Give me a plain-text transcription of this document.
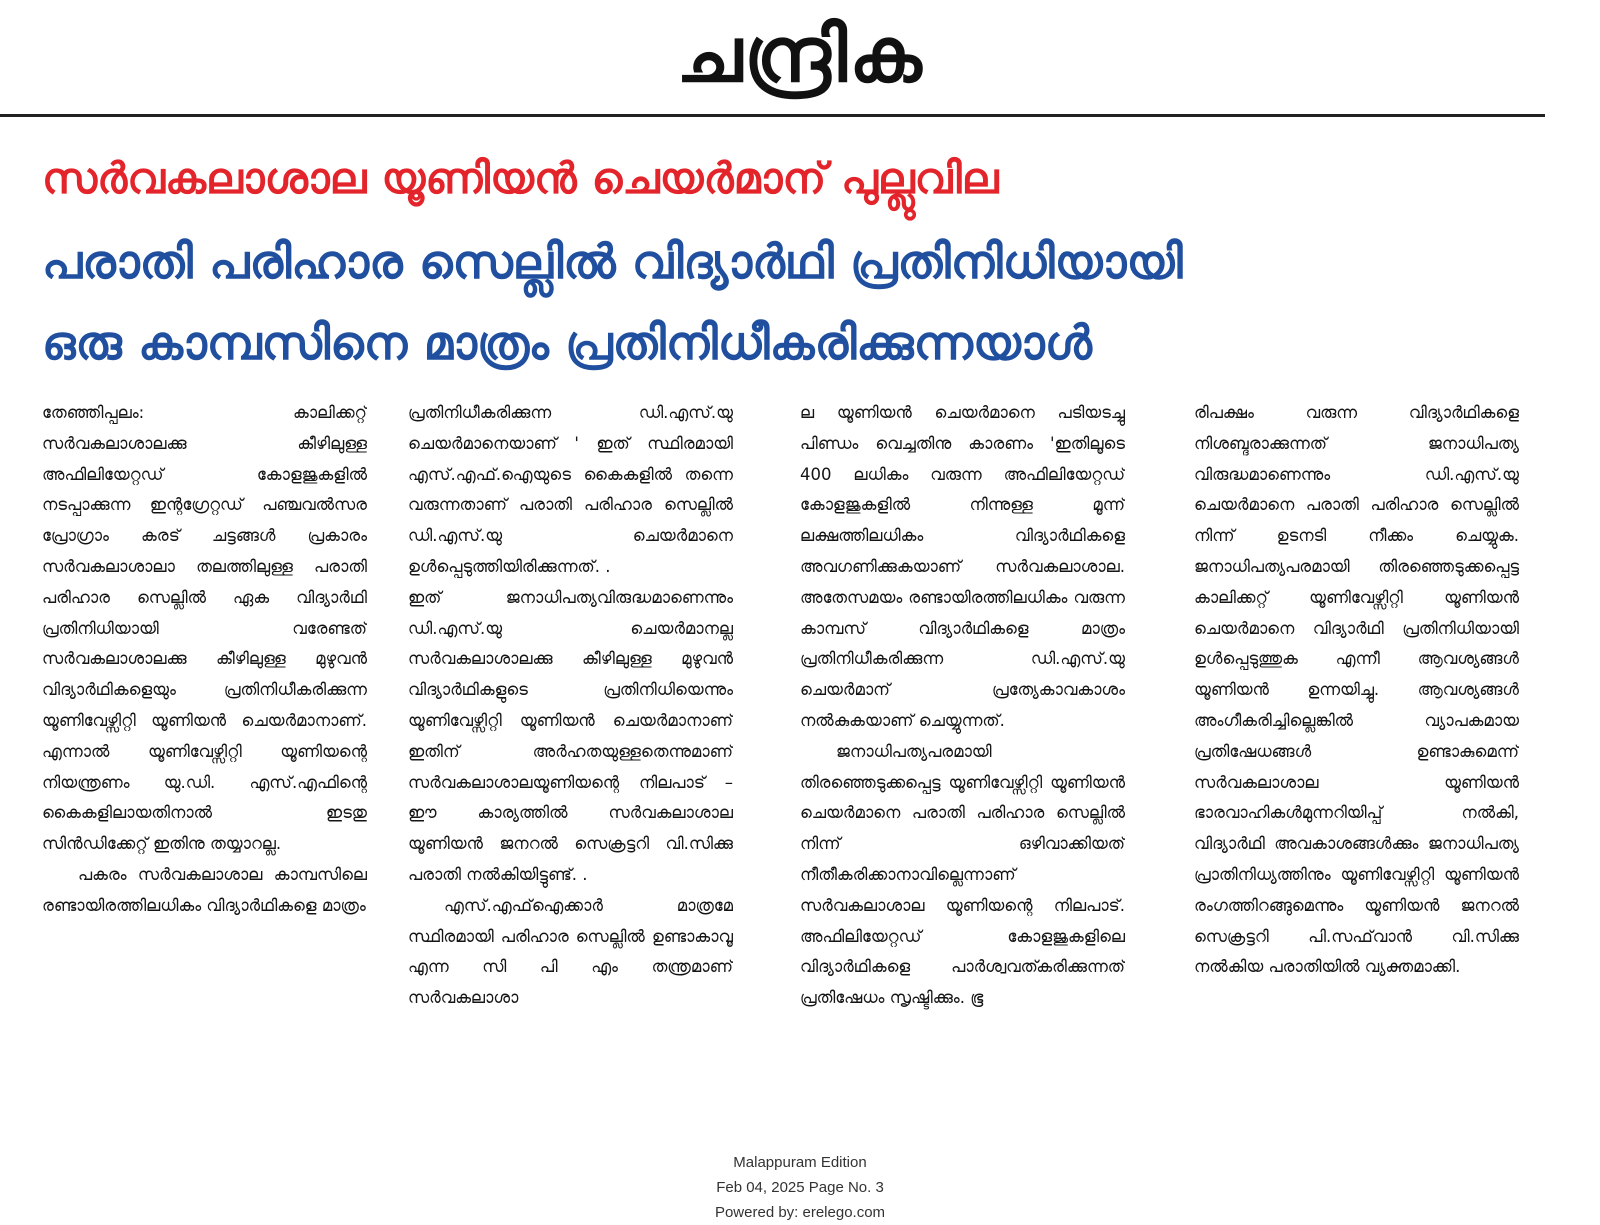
ചന്ദ്രിക
സർവകലാശാല യൂണിയൻ ചെയർമാന് പുല്ലുവില
പരാതി പരിഹാര സെല്ലിൽ വിദ്യാർഥി പ്രതിനിധിയായി
ഒരു കാമ്പസിനെ മാത്രം പ്രതിനിധീകരിക്കുന്നയാൾ

തേഞ്ഞിപ്പലം: കാലിക്കറ്റ് സർവകലാശാലക്കു കീഴിലുള്ള അഫിലിയേറ്റഡ് കോളജുകളിൽ നടപ്പാക്കുന്ന ഇന്റഗ്രേറ്റഡ് പഞ്ചവൽസര പ്രോഗ്രാം കരട് ചട്ടങ്ങൾ പ്രകാരം സർവകലാശാലാ തലത്തിലുള്ള പരാതി പരിഹാര സെല്ലിൽ ഏക വിദ്യാർഥി പ്രതിനിധിയായി വരേണ്ടത് സർവകലാശാലക്കു കീഴിലുള്ള മുഴുവൻ വിദ്യാർഥികളെയും പ്രതിനിധീകരിക്കുന്ന യൂണിവേഴ്സിറ്റി യൂണിയൻ ചെയർമാനാണ്. എന്നാൽ യൂണിവേഴ്സിറ്റി യൂണിയന്റെ നിയന്ത്രണം യു.ഡി. എസ്.എഫിന്റെ കൈകളിലായതിനാൽ ഇടതു സിൻഡിക്കേറ്റ് ഇതിനു തയ്യാറല്ല.

പകരം സർവകലാശാല കാമ്പസിലെ രണ്ടായിരത്തിലധികം വിദ്യാർഥികളെ മാത്രം

പ്രതിനിധീകരിക്കുന്ന ഡി.എസ്.യു ചെയർമാനെയാണ് ' ഇത് സ്ഥിരമായി എസ്.എഫ്.ഐയുടെ കൈകളിൽ തന്നെ വരുന്നതാണ് പരാതി പരിഹാര സെല്ലിൽ ഡി.എസ്.യു ചെയർമാനെ ഉൾപ്പെടുത്തിയിരിക്കുന്നത്. .

ഇത് ജനാധിപത്യവിരുദ്ധമാണെന്നും ഡി.എസ്.യു ചെയർമാനല്ല സർവകലാശാലക്കു കീഴിലുള്ള മുഴുവൻ വിദ്യാർഥികളുടെ പ്രതിനിധിയെന്നും യൂണിവേഴ്സിറ്റി യൂണിയൻ ചെയർമാനാണ് ഇതിന് അർഹതയുള്ളതെന്നുമാണ് സർവകലാശാലയൂണിയന്റെ നിലപാട് – ഈ കാര്യത്തിൽ സർവകലാശാല യൂണിയൻ ജനറൽ സെക്രട്ടറി വി.സിക്കു പരാതി നൽകിയിട്ടുണ്ട്. .

എസ്.എഫ്ഐക്കാർ മാത്രമേ സ്ഥിരമായി പരിഹാര സെല്ലിൽ ഉണ്ടാകാവൂ എന്ന സി പി എം തന്ത്രമാണ് സർവകലാശാ

ല യൂണിയൻ ചെയർമാനെ പടിയടച്ചു പിണ്ഡം വെച്ചതിനു കാരണം 'ഇതിലൂടെ 400 ലധികം വരുന്ന അഫിലിയേറ്റഡ് കോളജുകളിൽ നിന്നുള്ള മൂന്ന് ലക്ഷത്തിലധികം വിദ്യാർഥികളെ അവഗണിക്കുകയാണ് സർവകലാശാല. അതേസമയം രണ്ടായിരത്തിലധികം വരുന്ന കാമ്പസ് വിദ്യാർഥികളെ മാത്രം പ്രതിനിധീകരിക്കുന്ന ഡി.എസ്.യു ചെയർമാന് പ്രത്യേകാവകാശം നൽകുകയാണ് ചെയ്യുന്നത്.

ജനാധിപത്യപരമായി തിരഞ്ഞെടുക്കപ്പെട്ട യൂണിവേഴ്സിറ്റി യൂണിയൻ ചെയർമാനെ പരാതി പരിഹാര സെല്ലിൽ നിന്ന് ഒഴിവാക്കിയത് നീതീകരിക്കാനാവില്ലെന്നാണ് സർവകലാശാല യൂണിയന്റെ നിലപാട്. അഫിലിയേറ്റഡ് കോളജുകളിലെ വിദ്യാർഥികളെ പാർശ്വവത്കരിക്കുന്നത് പ്രതിഷേധം സൃഷ്ടിക്കും. ഭൂ

രിപക്ഷം വരുന്ന വിദ്യാർഥികളെ നിശബ്ദരാക്കുന്നത് ജനാധിപത്യ വിരുദ്ധമാണെന്നും ഡി.എസ്.യു ചെയർമാനെ പരാതി പരിഹാര സെല്ലിൽ നിന്ന് ഉടനടി നീക്കം ചെയ്യുക. ജനാധിപത്യപരമായി തിരഞ്ഞെടുക്കപ്പെട്ട കാലിക്കറ്റ് യൂണിവേഴ്സിറ്റി യൂണിയൻ ചെയർമാനെ വിദ്യാർഥി പ്രതിനിധിയായി ഉൾപ്പെടുത്തുക എന്നീ ആവശ്യങ്ങൾ യൂണിയൻ ഉന്നയിച്ചു. ആവശ്യങ്ങൾ അംഗീകരിച്ചില്ലെങ്കിൽ വ്യാപകമായ പ്രതിഷേധങ്ങൾ ഉണ്ടാകുമെന്ന് സർവകലാശാല യൂണിയൻ ഭാരവാഹികൾമുന്നറിയിപ്പ് നൽകി, വിദ്യാർഥി അവകാശങ്ങൾക്കും ജനാധിപത്യ പ്രാതിനിധ്യത്തിനും യൂണിവേഴ്സിറ്റി യൂണിയൻ രംഗത്തിറങ്ങുമെന്നും യൂണിയൻ ജനറൽ സെക്രട്ടറി പി.സഫ്‌വാൻ വി.സിക്കു നൽകിയ പരാതിയിൽ വ്യക്തമാക്കി.

Malappuram Edition
Feb 04, 2025 Page No. 3
Powered by: erelego.com
